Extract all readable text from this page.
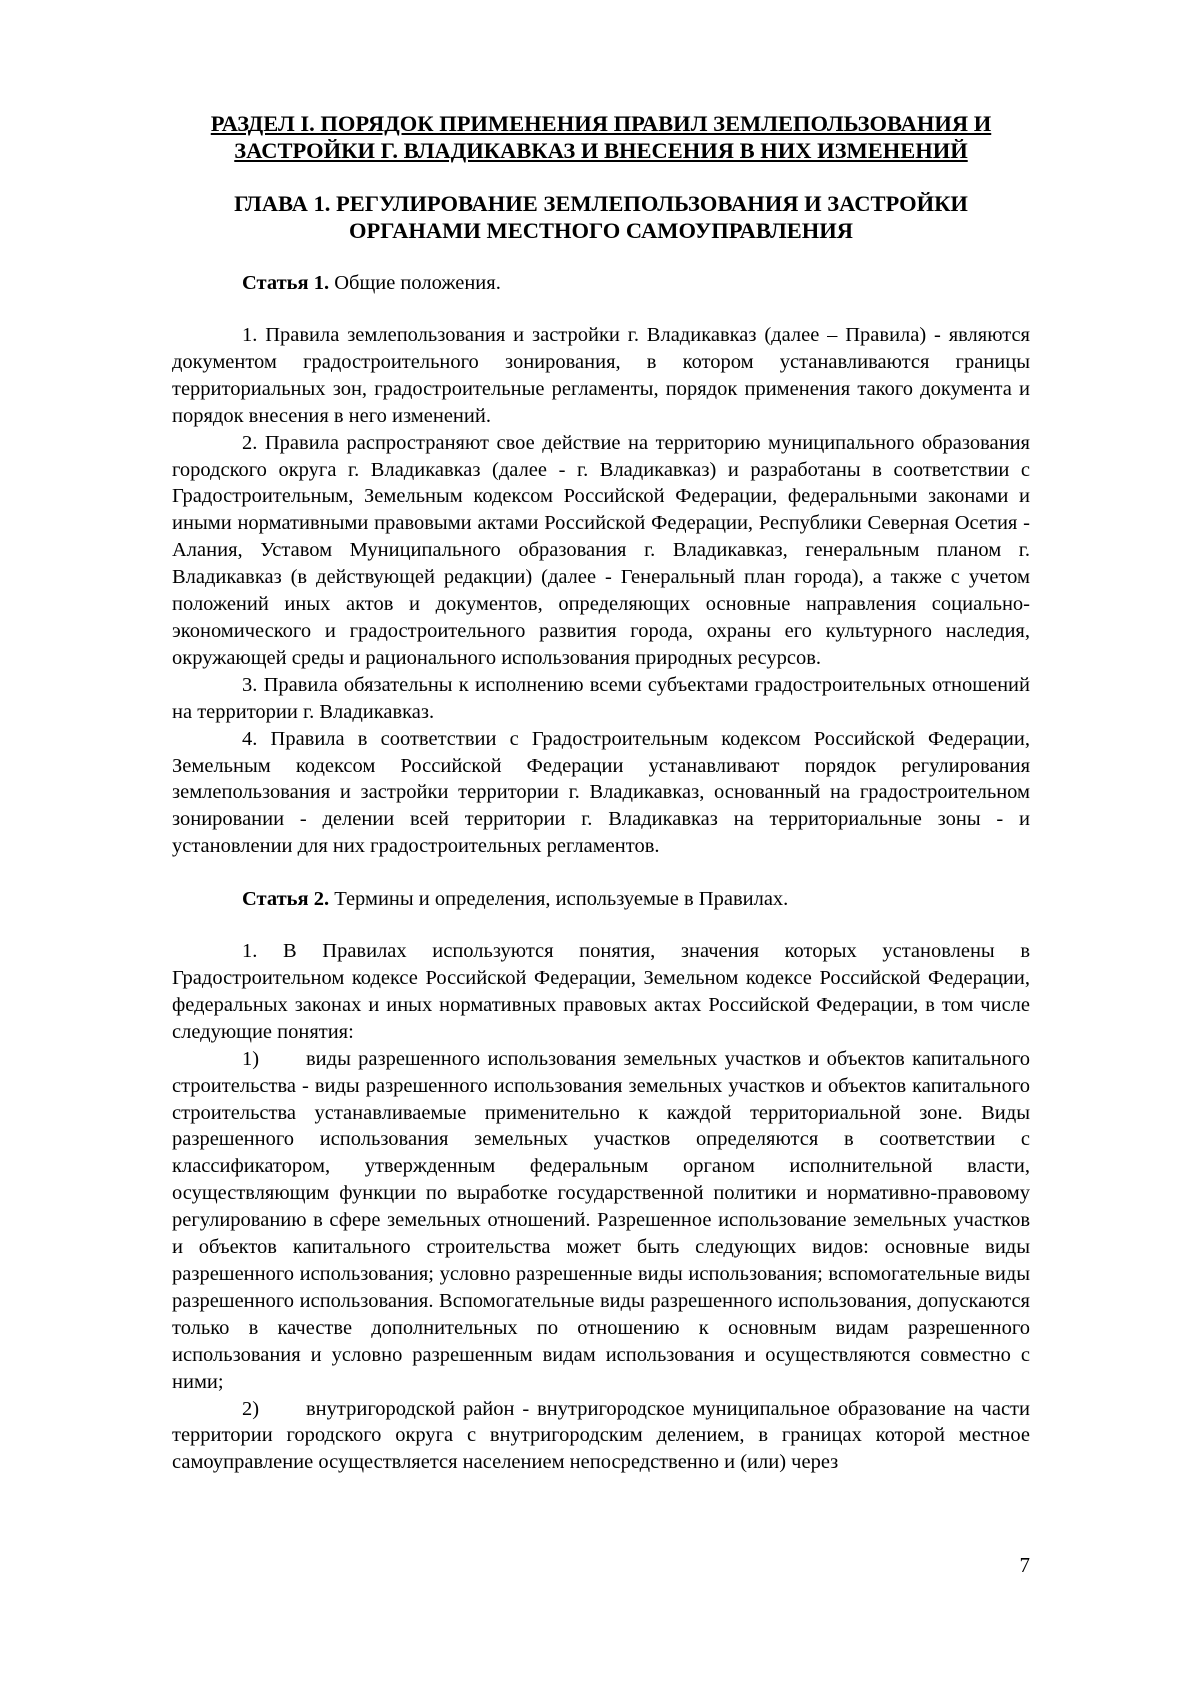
РАЗДЕЛ I. ПОРЯДОК ПРИМЕНЕНИЯ ПРАВИЛ ЗЕМЛЕПОЛЬЗОВАНИЯ И ЗАСТРОЙКИ Г. ВЛАДИКАВКАЗ И ВНЕСЕНИЯ В НИХ ИЗМЕНЕНИЙ
ГЛАВА 1. РЕГУЛИРОВАНИЕ ЗЕМЛЕПОЛЬЗОВАНИЯ И ЗАСТРОЙКИ ОРГАНАМИ МЕСТНОГО САМОУПРАВЛЕНИЯ

Статья 1. Общие положения.

1. Правила землепользования и застройки г. Владикавказ (далее – Правила) - являются документом градостроительного зонирования, в котором устанавливаются границы территориальных зон, градостроительные регламенты, порядок применения такого документа и порядок внесения в него изменений.

2. Правила распространяют свое действие на территорию муниципального образования городского округа г. Владикавказ (далее - г. Владикавказ) и разработаны в соответствии с Градостроительным, Земельным кодексом Российской Федерации, федеральными законами и иными нормативными правовыми актами Российской Федерации, Республики Северная Осетия - Алания, Уставом Муниципального образования г. Владикавказ, генеральным планом г. Владикавказ (в действующей редакции) (далее - Генеральный план города), а также с учетом положений иных актов и документов, определяющих основные направления социально-экономического и градостроительного развития города, охраны его культурного наследия, окружающей среды и рационального использования природных ресурсов.

3. Правила обязательны к исполнению всеми субъектами градостроительных отношений на территории г. Владикавказ.

4. Правила в соответствии с Градостроительным кодексом Российской Федерации, Земельным кодексом Российской Федерации устанавливают порядок регулирования землепользования и застройки территории г. Владикавказ, основанный на градостроительном зонировании - делении всей территории г. Владикавказ на территориальные зоны - и установлении для них градостроительных регламентов.

Статья 2. Термины и определения, используемые в Правилах.

1. В Правилах используются понятия, значения которых установлены в Градостроительном кодексе Российской Федерации, Земельном кодексе Российской Федерации, федеральных законах и иных нормативных правовых актах Российской Федерации, в том числе следующие понятия:

1) виды разрешенного использования земельных участков и объектов капитального строительства - виды разрешенного использования земельных участков и объектов капитального строительства устанавливаемые применительно к каждой территориальной зоне. Виды разрешенного использования земельных участков определяются в соответствии с классификатором, утвержденным федеральным органом исполнительной власти, осуществляющим функции по выработке государственной политики и нормативно-правовому регулированию в сфере земельных отношений. Разрешенное использование земельных участков и объектов капитального строительства может быть следующих видов: основные виды разрешенного использования; условно разрешенные виды использования; вспомогательные виды разрешенного использования. Вспомогательные виды разрешенного использования, допускаются только в качестве дополнительных по отношению к основным видам разрешенного использования и условно разрешенным видам использования и осуществляются совместно с ними;

2) внутригородской район - внутригородское муниципальное образование на части территории городского округа с внутригородским делением, в границах которой местное самоуправление осуществляется населением непосредственно и (или) через

7
